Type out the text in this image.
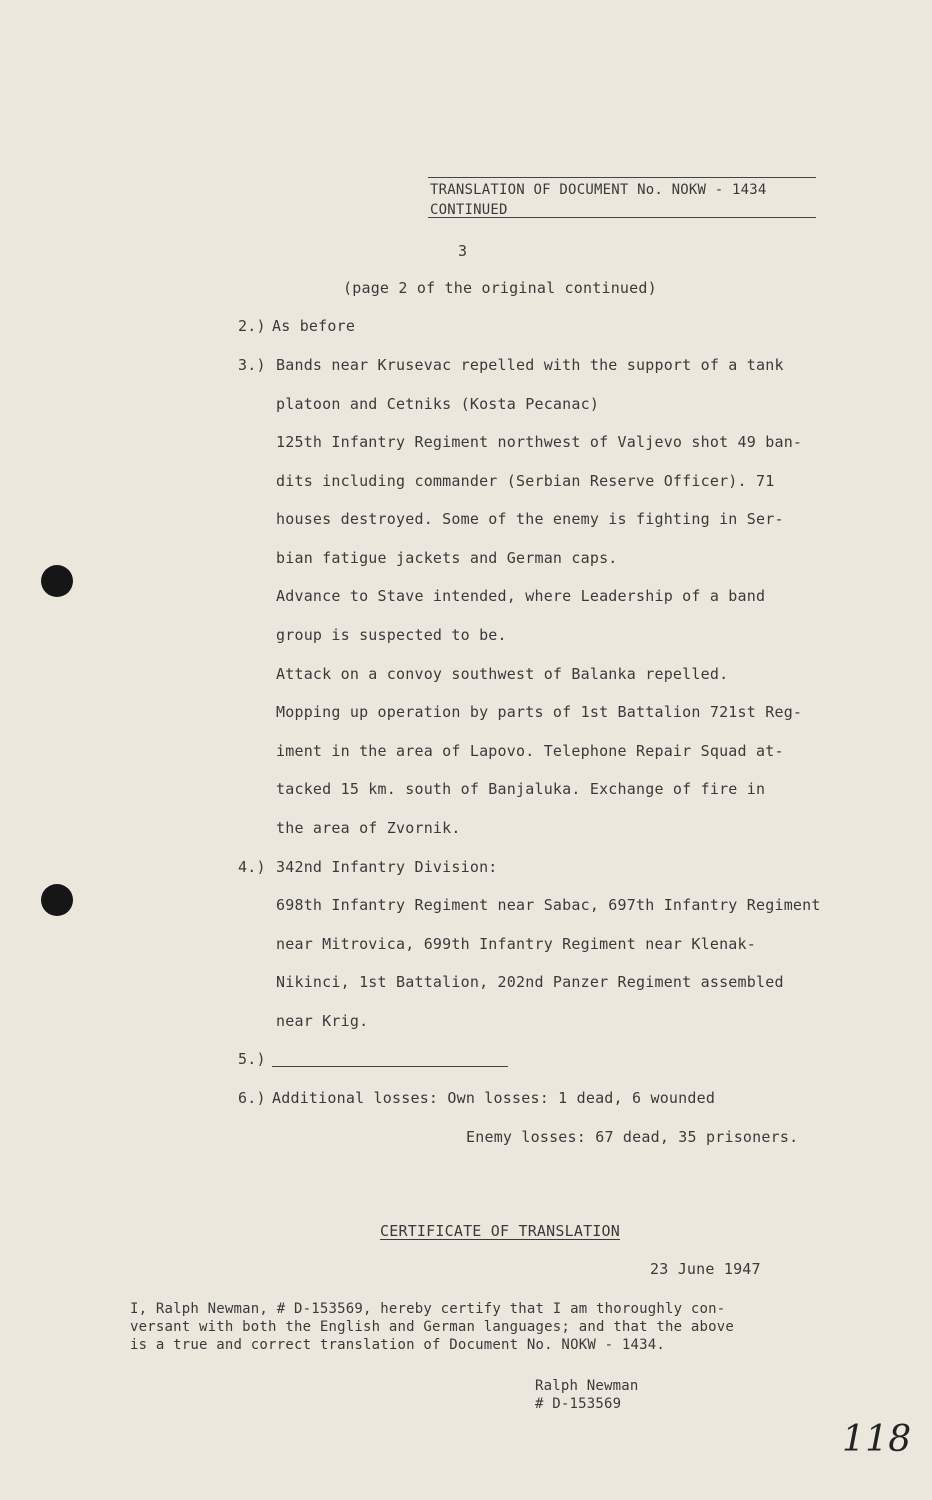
TRANSLATION OF DOCUMENT No. NOKW - 1434
CONTINUED
3
(page 2 of the original continued)
2.) As before
3.) Bands near Krusevac repelled with the support of a tank
platoon and Cetniks (Kosta Pecanac)
125th Infantry Regiment northwest of Valjevo shot 49 ban-
dits including commander (Serbian Reserve Officer). 71
houses destroyed. Some of the enemy is fighting in Ser-
bian fatigue jackets and German caps.
Advance to Stave intended, where Leadership of a band
group is suspected to be.
Attack on a convoy southwest of Balanka repelled.
Mopping up operation by parts of 1st Battalion 721st Reg-
iment in the area of Lapovo. Telephone Repair Squad at-
tacked 15 km. south of Banjaluka. Exchange of fire in
the area of Zvornik.
4.) 342nd Infantry Division:
698th Infantry Regiment near Sabac, 697th Infantry Regiment
near Mitrovica, 699th Infantry Regiment near Klenak-
Nikinci, 1st Battalion, 202nd Panzer Regiment assembled
near Krig.
5.)
6.) Additional losses: Own losses: 1 dead, 6 wounded
Enemy losses: 67 dead, 35 prisoners.
CERTIFICATE OF TRANSLATION
23 June 1947
I, Ralph Newman, # D-153569, hereby certify that I am thoroughly con-
versant with both the English and German languages; and that the above
is a true and correct translation of Document No. NOKW - 1434.
Ralph Newman
# D-153569
118
